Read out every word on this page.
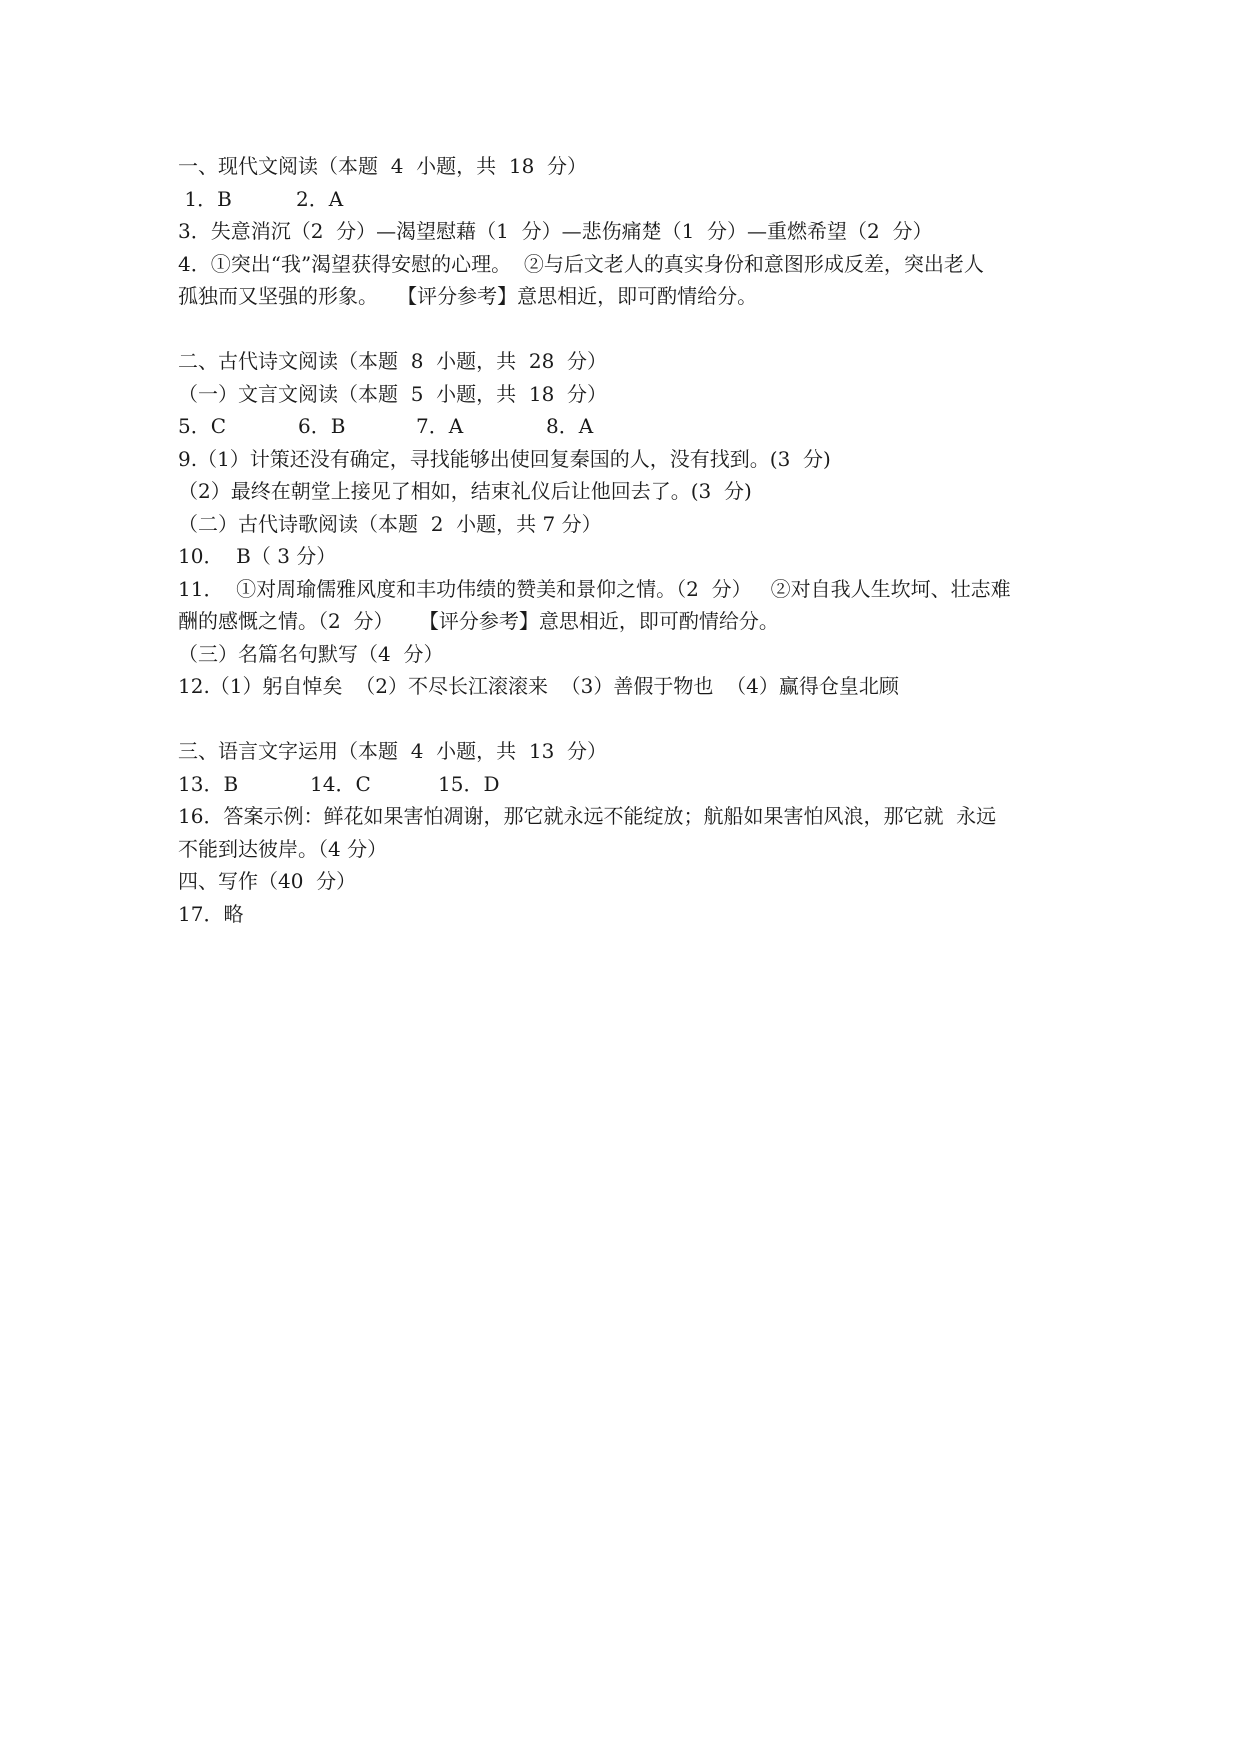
一、现代文阅读（本题  4  小题，共  18  分）
1．B	2．A
3．失意消沉（2  分）—渴望慰藉（1  分）—悲伤痛楚（1  分）—重燃希望（2  分）
4．①突出“我”渴望获得安慰的心理。  ②与后文老人的真实身份和意图形成反差，突出老人
孤独而又坚强的形象。   【评分参考】意思相近，即可酌情给分。
二、古代诗文阅读（本题  8  小题，共  28  分）
（一）文言文阅读（本题  5  小题，共  18  分）
5．C	6．B	7．A	8．A
9.（1）计策还没有确定，寻找能够出使回复秦国的人，没有找到。(3  分)
（2）最终在朝堂上接见了相如，结束礼仪后让他回去了。(3  分)
（二）古代诗歌阅读（本题  2  小题，共 7 分）
10．  B（ 3 分）
11．  ①对周瑜儒雅风度和丰功伟绩的赞美和景仰之情。（2  分）   ②对自我人生坎坷、壮志难
酬的感慨之情。（2  分）    【评分参考】意思相近，即可酌情给分。
（三）名篇名句默写（4  分）
12.（1）躬自悼矣  （2）不尽长江滚滚来  （3）善假于物也  （4）赢得仓皇北顾
三、语言文字运用（本题  4  小题，共  13  分）
13．B	14．C	15．D
16．答案示例：鲜花如果害怕凋谢，那它就永远不能绽放；航船如果害怕风浪，那它就  永远
不能到达彼岸。（4 分）
四、写作（40  分）
17．略
